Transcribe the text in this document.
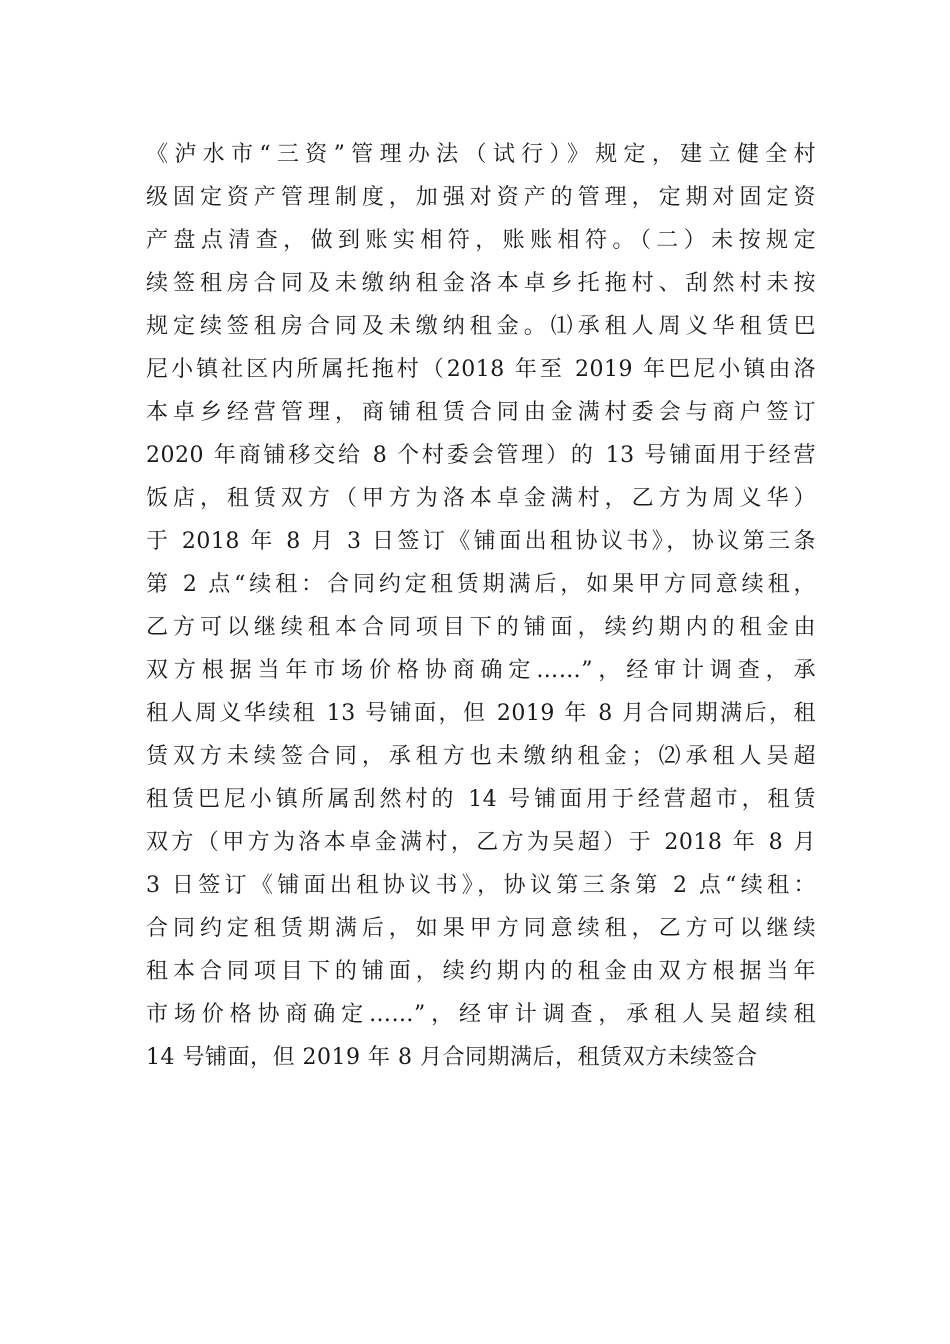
《泸水市“三资”管理办法（试行）》规定，建立健全村
级固定资产管理制度，加强对资产的管理，定期对固定资
产盘点清查，做到账实相符，账账相符。（二）未按规定
续签租房合同及未缴纳租金洛本卓乡托拖村、刮然村未按
规定续签租房合同及未缴纳租金。⑴承租人周义华租赁巴
尼小镇社区内所属托拖村（2018 年至 2019 年巴尼小镇由洛
本卓乡经营管理，商铺租赁合同由金满村委会与商户签订
2020 年商铺移交给 8 个村委会管理）的 13 号铺面用于经营
饭店，租赁双方（甲方为洛本卓金满村，乙方为周义华）
于 2018 年 8 月 3 日签订《铺面出租协议书》，协议第三条
第 2 点“续租：合同约定租赁期满后，如果甲方同意续租，
乙方可以继续租本合同项目下的铺面，续约期内的租金由
双方根据当年市场价格协商确定……”，经审计调查，承
租人周义华续租 13 号铺面，但 2019 年 8 月合同期满后，租
赁双方未续签合同，承租方也未缴纳租金；⑵承租人吴超
租赁巴尼小镇所属刮然村的 14 号铺面用于经营超市，租赁
双方（甲方为洛本卓金满村，乙方为吴超）于 2018 年 8 月
3 日签订《铺面出租协议书》，协议第三条第 2 点“续租：
合同约定租赁期满后，如果甲方同意续租，乙方可以继续
租本合同项目下的铺面，续约期内的租金由双方根据当年
市场价格协商确定……”，经审计调查，承租人吴超续租
14 号铺面，但 2019 年 8 月合同期满后，租赁双方未续签合
